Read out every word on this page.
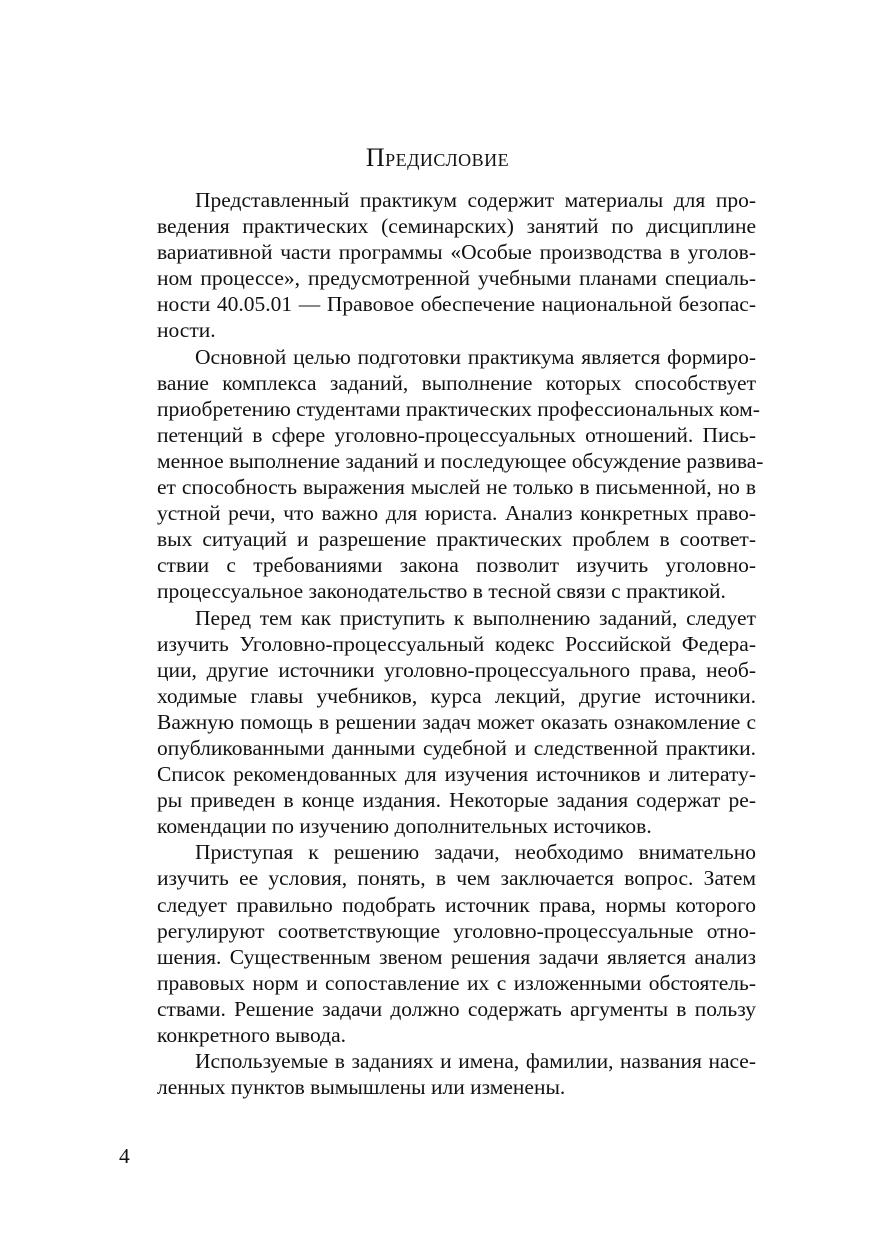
Предисловие
Представленный практикум содержит материалы для про-
ведения практических (семинарских) занятий по дисциплине
вариативной части программы «Особые производства в уголов-
ном процессе», предусмотренной учебными планами специаль-
ности 40.05.01 — Правовое обеспечение национальной безопас-
ности.
Основной целью подготовки практикума является формиро-
вание комплекса заданий, выполнение которых способствует
приобретению студентами практических профессиональных ком-
петенций в сфере уголовно-процессуальных отношений. Пись-
менное выполнение заданий и последующее обсуждение развива-
ет способность выражения мыслей не только в письменной, но в
устной речи, что важно для юриста. Анализ конкретных право-
вых ситуаций и разрешение практических проблем в соответ-
ствии с требованиями закона позволит изучить уголовно-
процессуальное законодательство в тесной связи с практикой.
Перед тем как приступить к выполнению заданий, следует
изучить Уголовно-процессуальный кодекс Российской Федера-
ции, другие источники уголовно-процессуального права, необ-
ходимые главы учебников, курса лекций, другие источники.
Важную помощь в решении задач может оказать ознакомление с
опубликованными данными судебной и следственной практики.
Список рекомендованных для изучения источников и литерату-
ры приведен в конце издания. Некоторые задания содержат ре-
комендации по изучению дополнительных источиков.
Приступая к решению задачи, необходимо внимательно
изучить ее условия, понять, в чем заключается вопрос. Затем
следует правильно подобрать источник права, нормы которого
регулируют соответствующие уголовно-процессуальные отно-
шения. Существенным звеном решения задачи является анализ
правовых норм и сопоставление их с изложенными обстоятель-
ствами. Решение задачи должно содержать аргументы в пользу
конкретного вывода.
Используемые в заданиях и имена, фамилии, названия насе-
ленных пунктов вымышлены или изменены.
4
